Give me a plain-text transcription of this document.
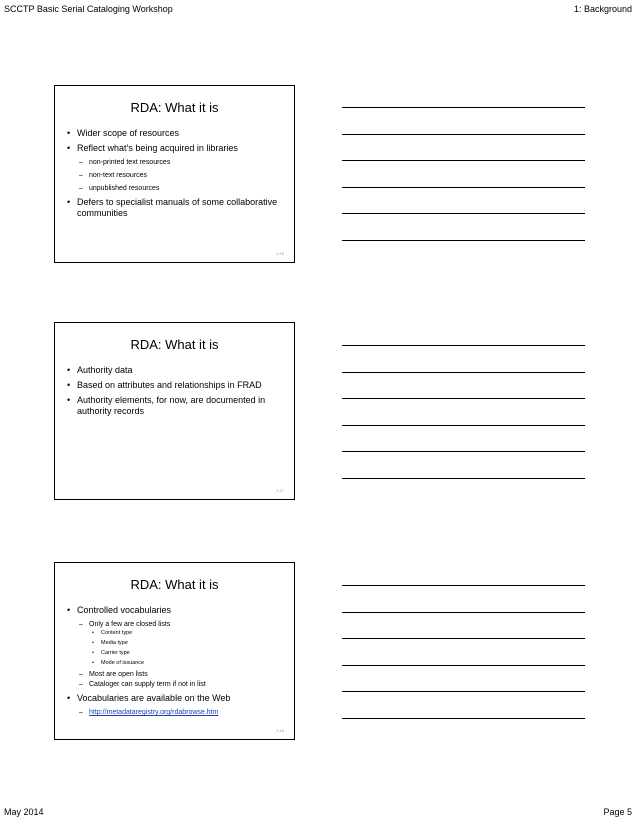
SCCTP Basic Serial Cataloging Workshop	1: Background
RDA: What it is
• Wider scope of resources
• Reflect what’s being acquired in libraries
– non-printed text resources
– non-text resources
– unpublished resources
• Defers to specialist manuals of some collaborative communities
1-16
RDA: What it is
• Authority data
• Based on attributes and relationships in FRAD
• Authority elements, for now, are documented in authority records
1-17
RDA: What it is
• Controlled vocabularies
– Only a few are closed lists
• Content type
• Media type
• Carrier type
• Mode of issuance
– Most are open lists
– Cataloger can supply term if not in list
• Vocabularies are available on the Web
– http://metadataregistry.org/rdabrowse.htm
1-18
May 2014	Page 5
